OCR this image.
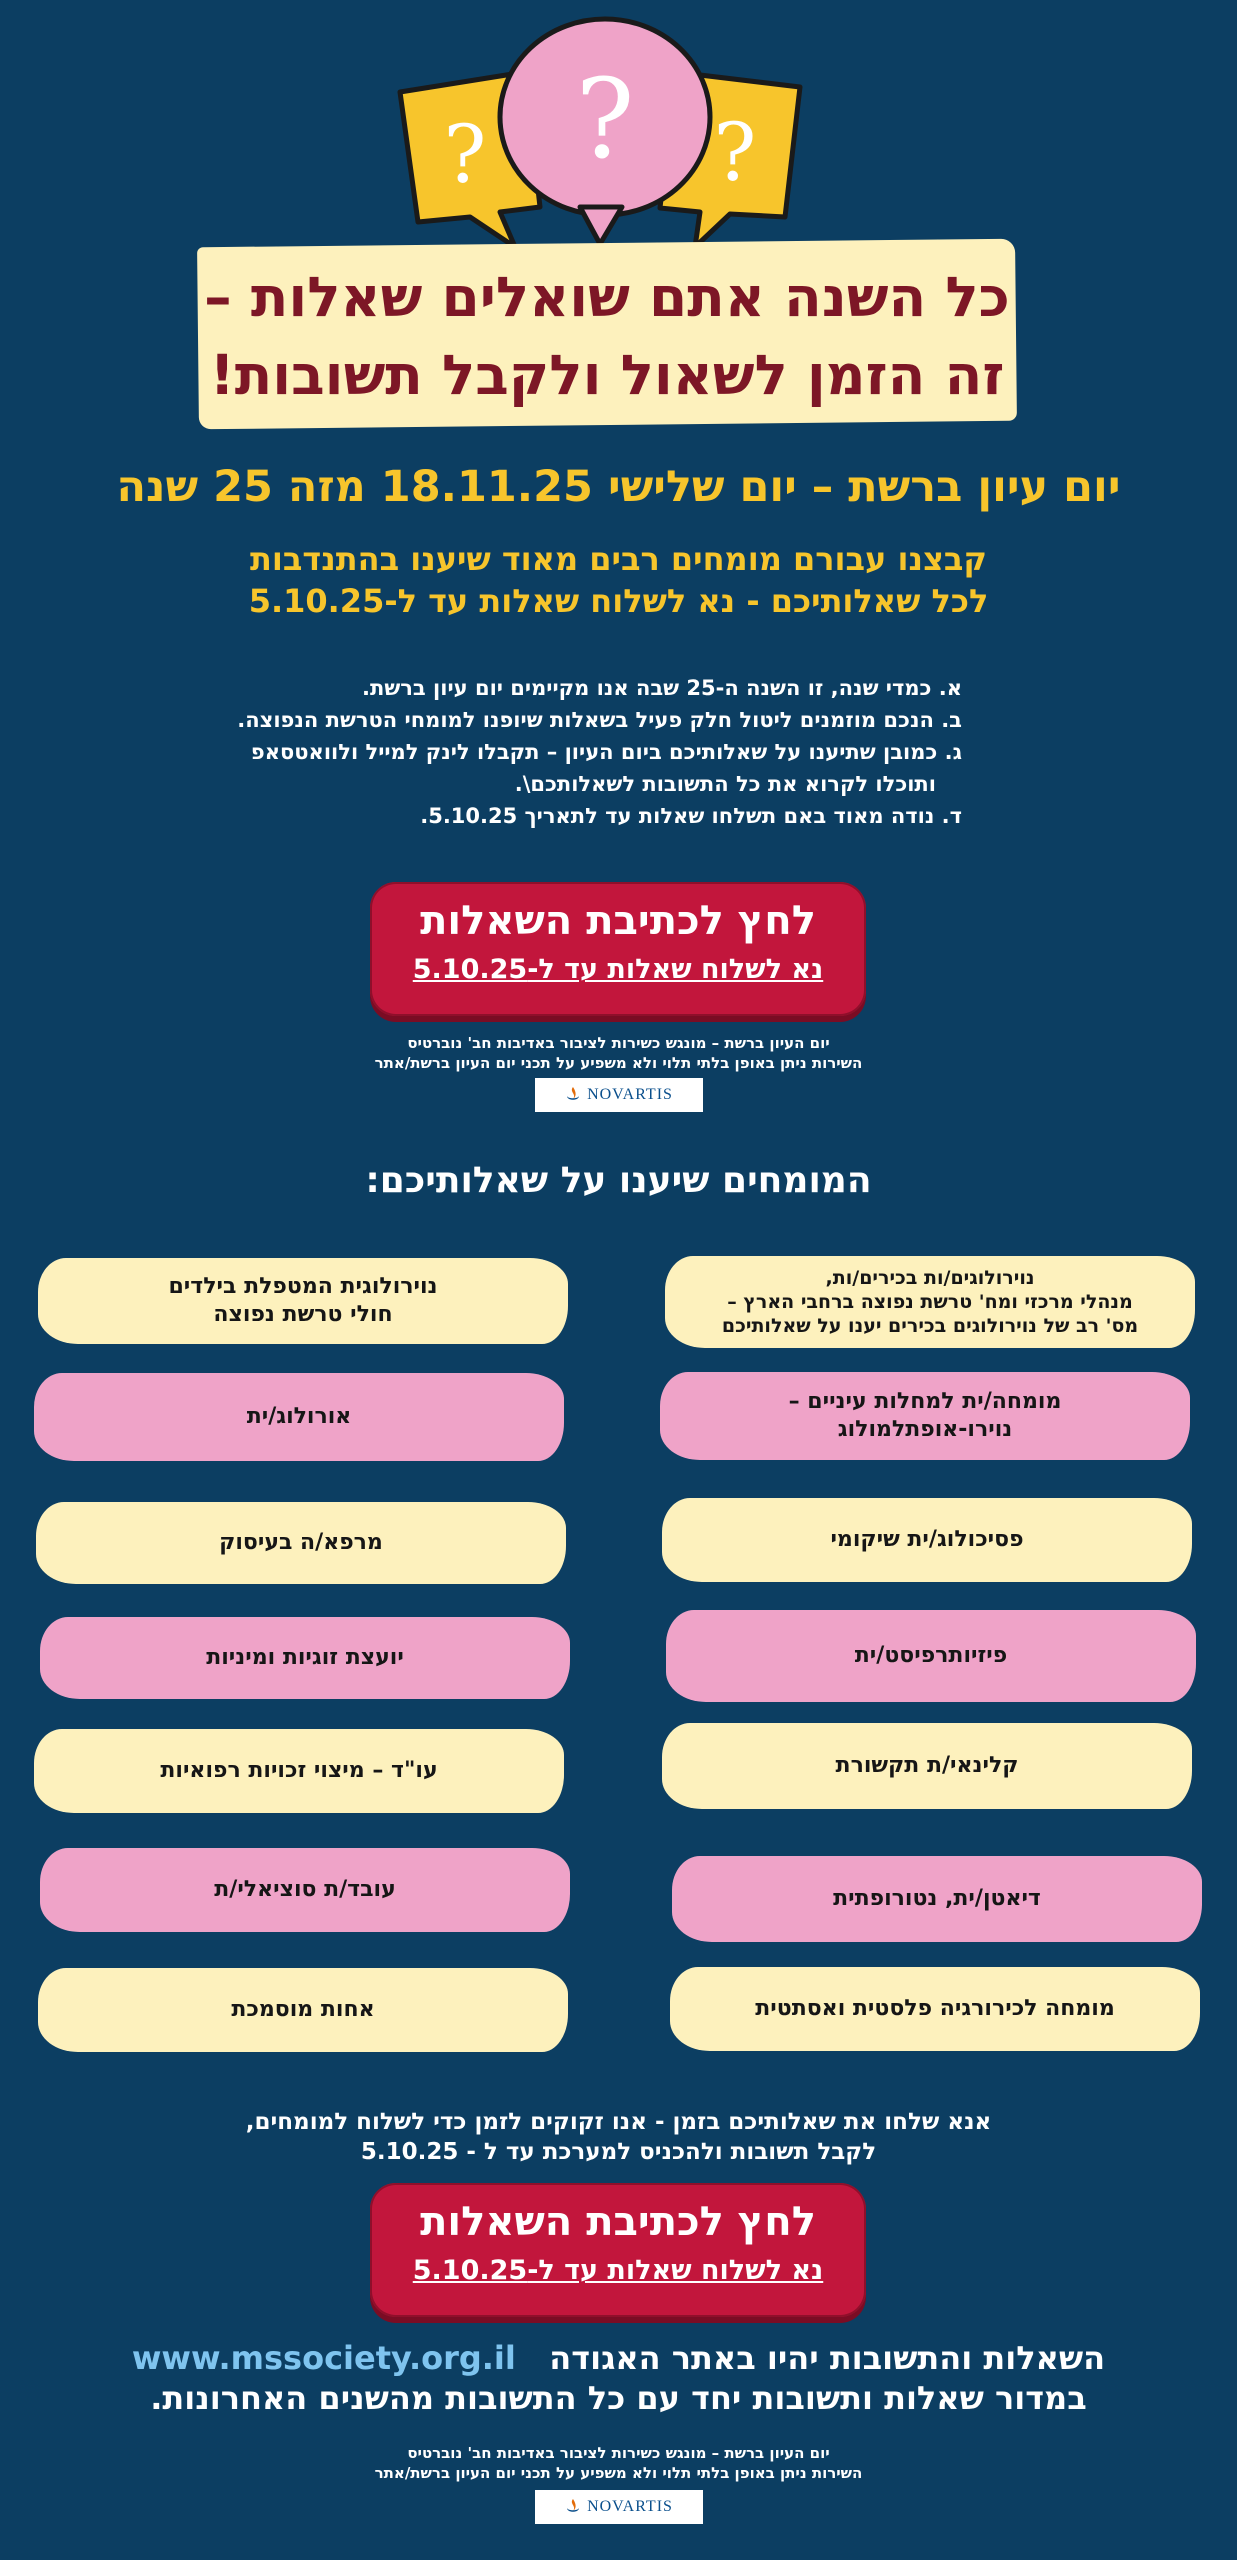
?	?
?
כל השנה אתם שואלים שאלות –
זה הזמן לשאול ולקבל תשובות!
יום עיון ברשת – יום שלישי 18.11.25 מזה 25 שנה
קבצנו עבורם מומחים רבים מאוד שיענו בהתנדבות
לכל שאלותיכם - נא לשלוח שאלות עד ל-5.10.25
א. כמדי שנה, זו השנה ה-25 שבה אנו מקיימים יום עיון ברשת.
ב. הנכם מוזמנים ליטול חלק פעיל בשאלות שיופנו למומחי הטרשת הנפוצה.
ג. כמובן שתיענו על שאלותיכם ביום העיון – תקבלו לינק למייל ולוואטסאפ
ותוכלו לקרוא את כל התשובות לשאלותכם\.
ד. נודה מאוד באם תשלחו שאלות עד לתאריך 5.10.25.
לחץ לכתיבת השאלות
נא לשלוח שאלות עד ל-5.10.25
יום העיון ברשת – מונגש כשירות לציבור באדיבות חב' נוברטיס
השירות ניתן באופן בלתי תלוי ולא משפיע על תכני יום העיון ברשת/אתר
NOVARTIS
המומחים שיענו על שאלותיכם:
נוירולוגים/ות בכירים/ות,
מנהלי מרכזי ומח' טרשת נפוצה ברחבי הארץ –
מס' רב של נוירולוגים בכירים יענו על שאלותיכם
מומחה/ית למחלות עיניים –
נוירו-אופתלמולוג
פסיכולוג/ית שיקומי
פיזיותרפיסט/ית
קלינאי/ת תקשורת
דיאטן/ית, נטורופתית
מומחה לכירורגיה פלסטית ואסתטית
נוירולוגית המטפלת בילדים
חולי טרשת נפוצה
אורולוג/ית
מרפא/ה בעיסוק
יועצת זוגיות ומיניות
עו"ד – מיצוי זכויות רפואיות
עובד/ת סוציאלי/ת
אחות מוסמכת
אנא שלחו את שאלותיכם בזמן - אנו זקוקים לזמן כדי לשלוח למומחים,
לקבל תשובות ולהכניס למערכת עד ל - 5.10.25
לחץ לכתיבת השאלות
נא לשלוח שאלות עד ל-5.10.25
השאלות והתשובות יהיו באתר האגודה   www.mssociety.org.il
במדור שאלות ותשובות יחד עם כל התשובות מהשנים האחרונות.
יום העיון ברשת – מונגש כשירות לציבור באדיבות חב' נוברטיס
השירות ניתן באופן בלתי תלוי ולא משפיע על תכני יום העיון ברשת/אתר
NOVARTIS
